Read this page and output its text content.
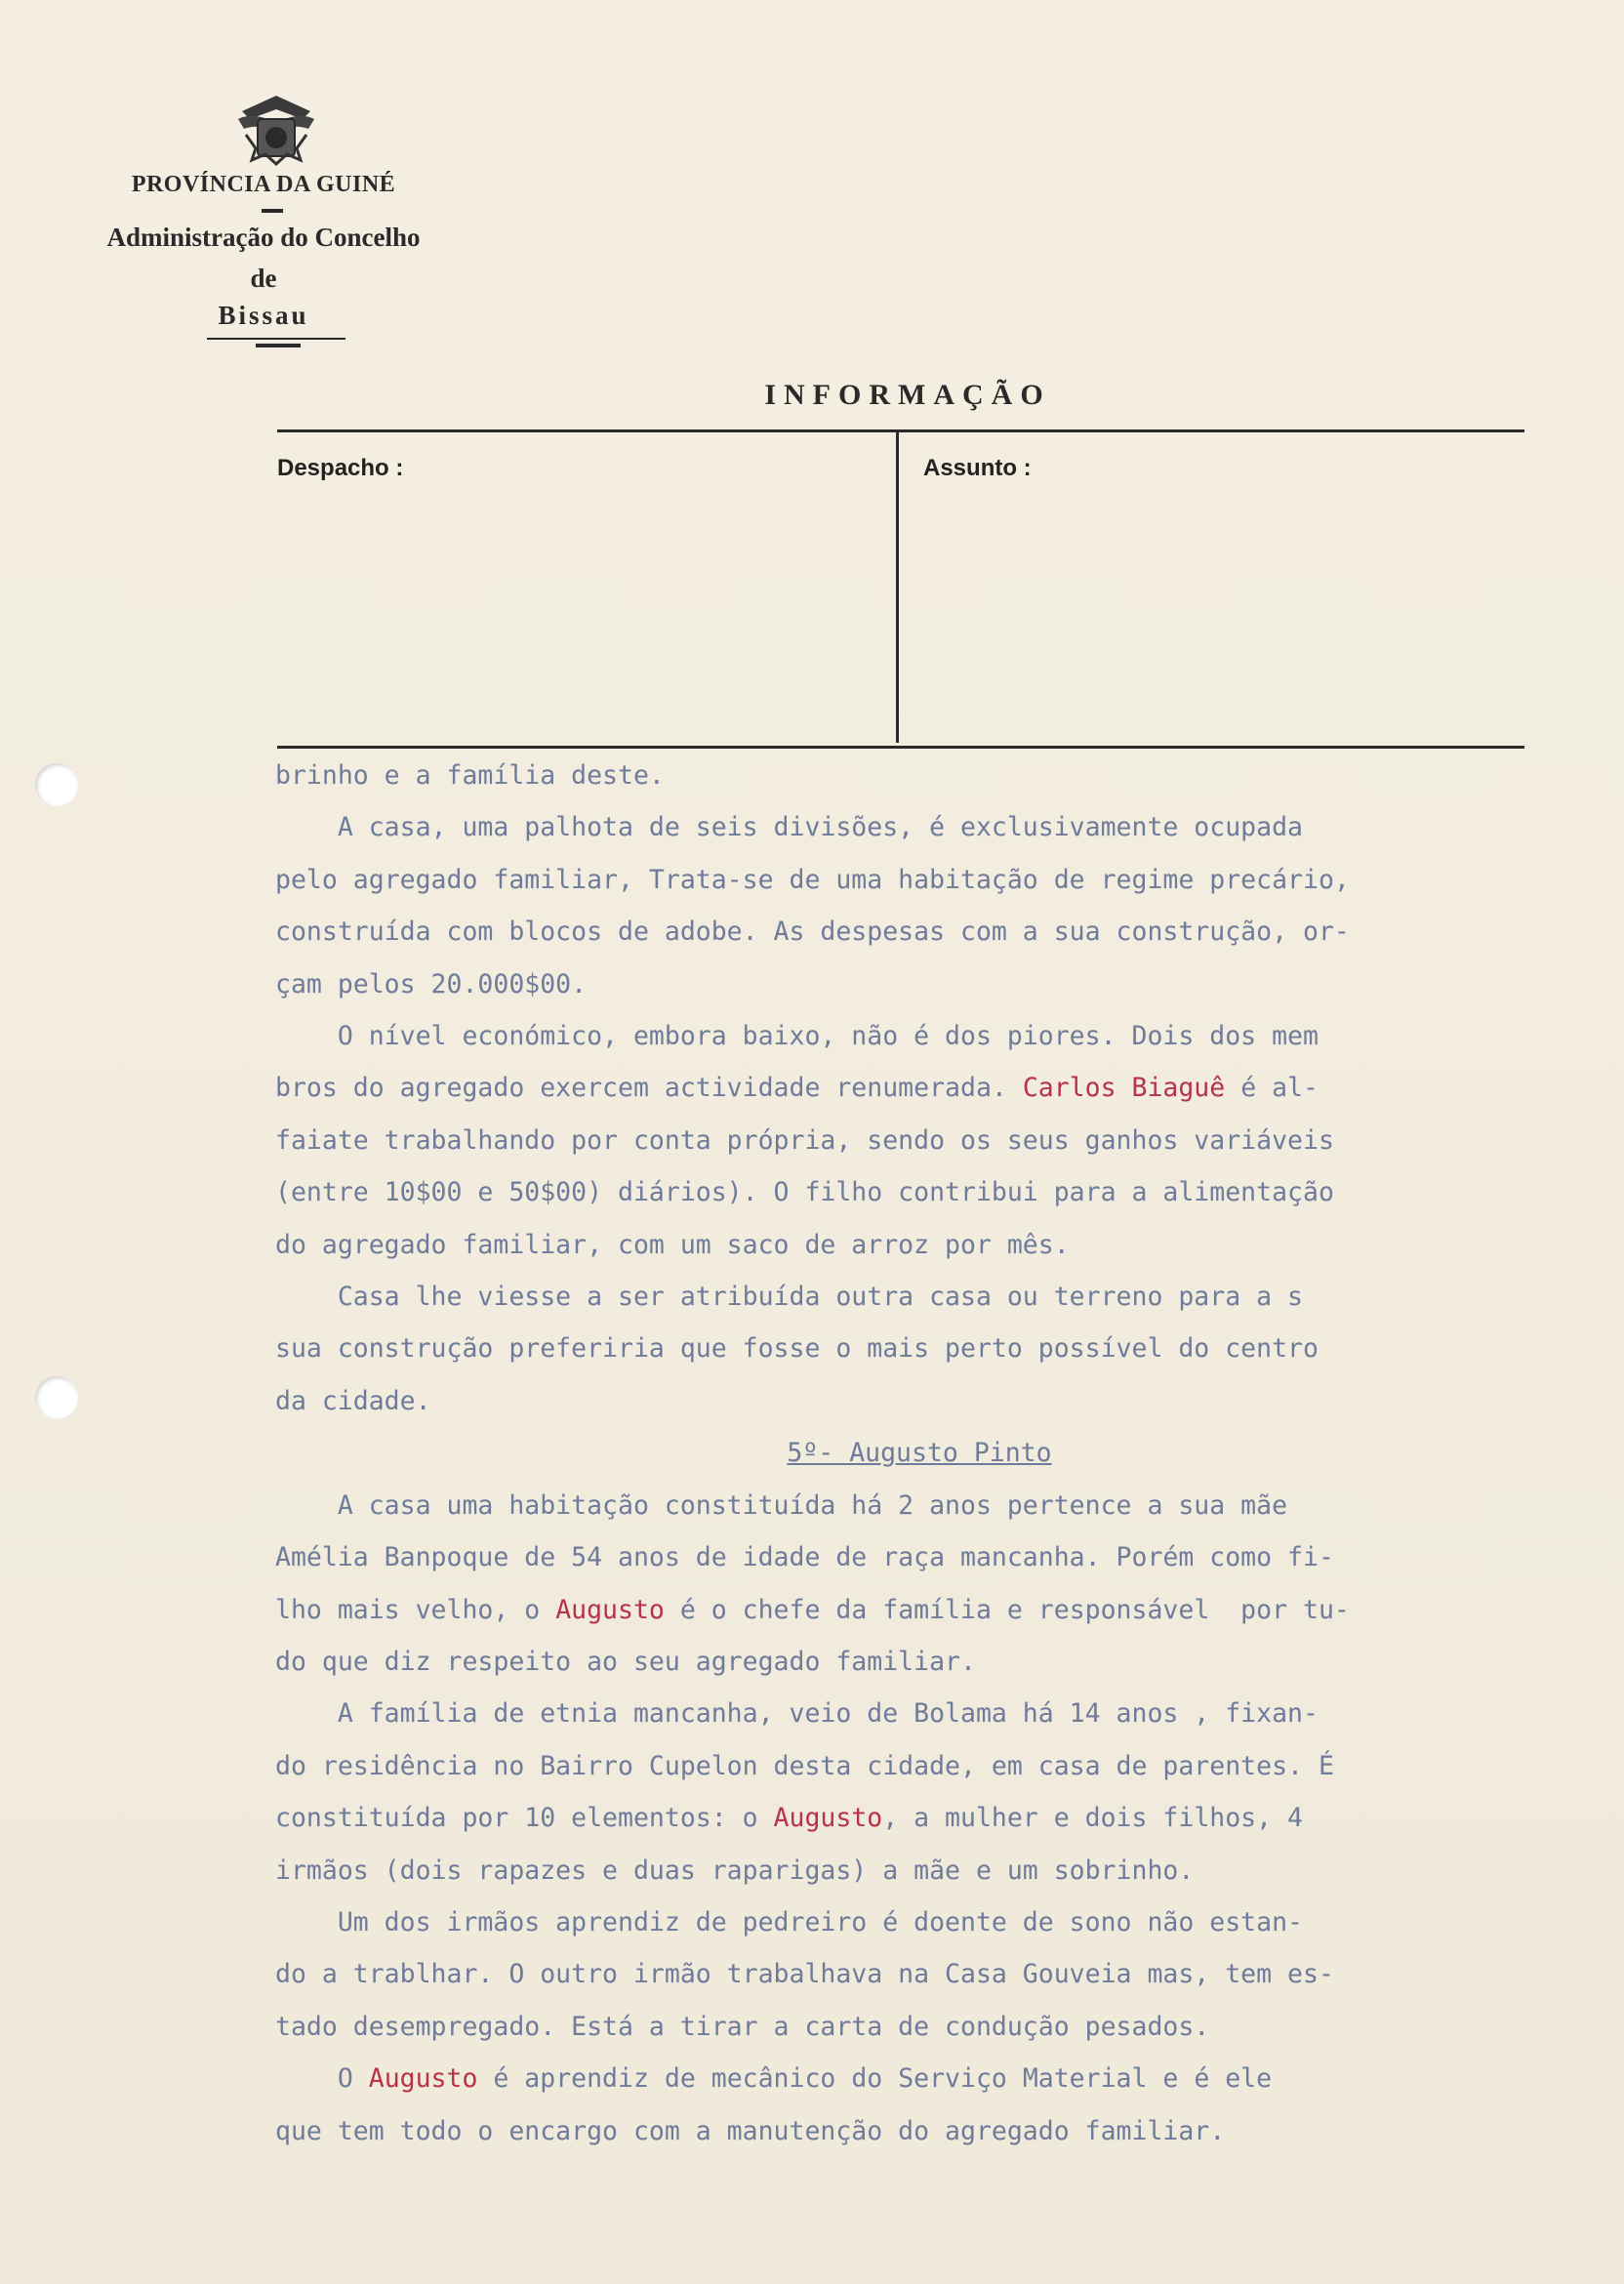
PROVÍNCIA DA GUINÉ
Administração do Concelho
de
Bissau
INFORMAÇÃO
Despacho :	Assunto :

brinho e a família deste.

A casa, uma palhota de seis divisões, é exclusivamente ocupada

pelo agregado familiar, Trata-se de uma habitação de regime precário,

construída com blocos de adobe. As despesas com a sua construção, or-

çam pelos 20.000$00.

O nível económico, embora baixo, não é dos piores. Dois dos mem

bros do agregado exercem actividade renumerada. Carlos Biaguê é al-

faiate trabalhando por conta própria, sendo os seus ganhos variáveis

(entre 10$00 e 50$00) diários). O filho contribui para a alimentação

do agregado familiar, com um saco de arroz por mês.

Casa lhe viesse a ser atribuída outra casa ou terreno para a s

sua construção preferiria que fosse o mais perto possível do centro

da cidade.

5º- Augusto Pinto

A casa uma habitação constituída há 2 anos pertence a sua mãe

Amélia Banpoque de 54 anos de idade de raça mancanha. Porém como fi-

lho mais velho, o Augusto é o chefe da família e responsável  por tu-

do que diz respeito ao seu agregado familiar.

A família de etnia mancanha, veio de Bolama há 14 anos , fixan-

do residência no Bairro Cupelon desta cidade, em casa de parentes. É

constituída por 10 elementos: o Augusto, a mulher e dois filhos, 4

irmãos (dois rapazes e duas raparigas) a mãe e um sobrinho.

Um dos irmãos aprendiz de pedreiro é doente de sono não estan-

do a trablhar. O outro irmão trabalhava na Casa Gouveia mas, tem es-

tado desempregado. Está a tirar a carta de condução pesados.

O Augusto é aprendiz de mecânico do Serviço Material e é ele

que tem todo o encargo com a manutenção do agregado familiar.
